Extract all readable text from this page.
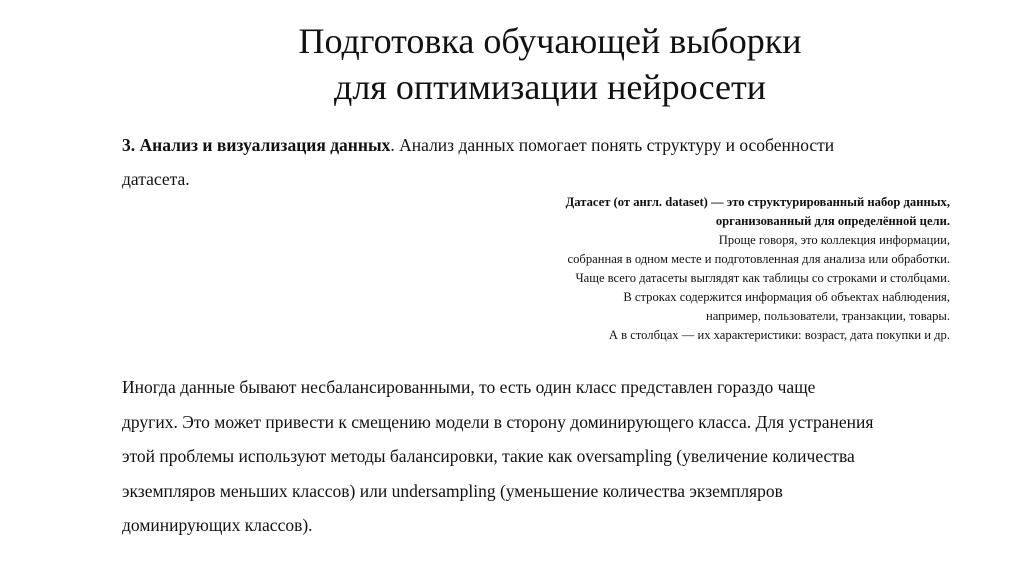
Подготовка обучающей выборки
для оптимизации нейросети
3. Анализ и визуализация данных. Анализ данных помогает понять структуру и особенности
датасета.
Датасет (от англ. dataset) — это структурированный набор данных,
организованный для определённой цели.
Проще говоря, это коллекция информации,
собранная в одном месте и подготовленная для анализа или обработки.
Чаще всего датасеты выглядят как таблицы со строками и столбцами.
В строках содержится информация об объектах наблюдения,
например, пользователи, транзакции, товары.
А в столбцах — их характеристики: возраст, дата покупки и др.
Иногда данные бывают несбалансированными, то есть один класс представлен гораздо чаще
других. Это может привести к смещению модели в сторону доминирующего класса. Для устранения
этой проблемы используют методы балансировки, такие как oversampling (увеличение количества
экземпляров меньших классов) или undersampling (уменьшение количества экземпляров
доминирующих классов).
